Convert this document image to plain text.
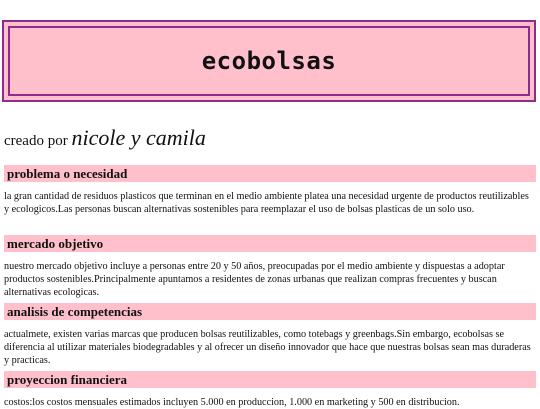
ecobolsas
creado por nicole y camila
problema o necesidad

la gran cantidad de residuos plasticos que terminan en el medio ambiente platea una necesidad urgente de productos reutilizables y ecologicos.Las personas buscan alternativas sostenibles para reemplazar el uso de bolsas plasticas de un solo uso.

mercado objetivo

nuestro mercado objetivo incluye a personas entre 20 y 50 años, preocupadas por el medio ambiente y dispuestas a adoptar productos sostenibles.Principalmente apuntamos a residentes de zonas urbanas que realizan compras frecuentes y buscan alternativas ecologicas.

analisis de competencias

actualmete, existen varias marcas que producen bolsas reutilizables, como totebags y greenbags.Sin embargo, ecobolsas se diferencia al utilizar materiales biodegradables y al ofrecer un diseño innovador que hace que nuestras bolsas sean mas duraderas y practicas.

proyeccion financiera

costos:los costos mensuales estimados incluyen 5.000 en produccion, 1.000 en marketing y 500 en distribucion.
